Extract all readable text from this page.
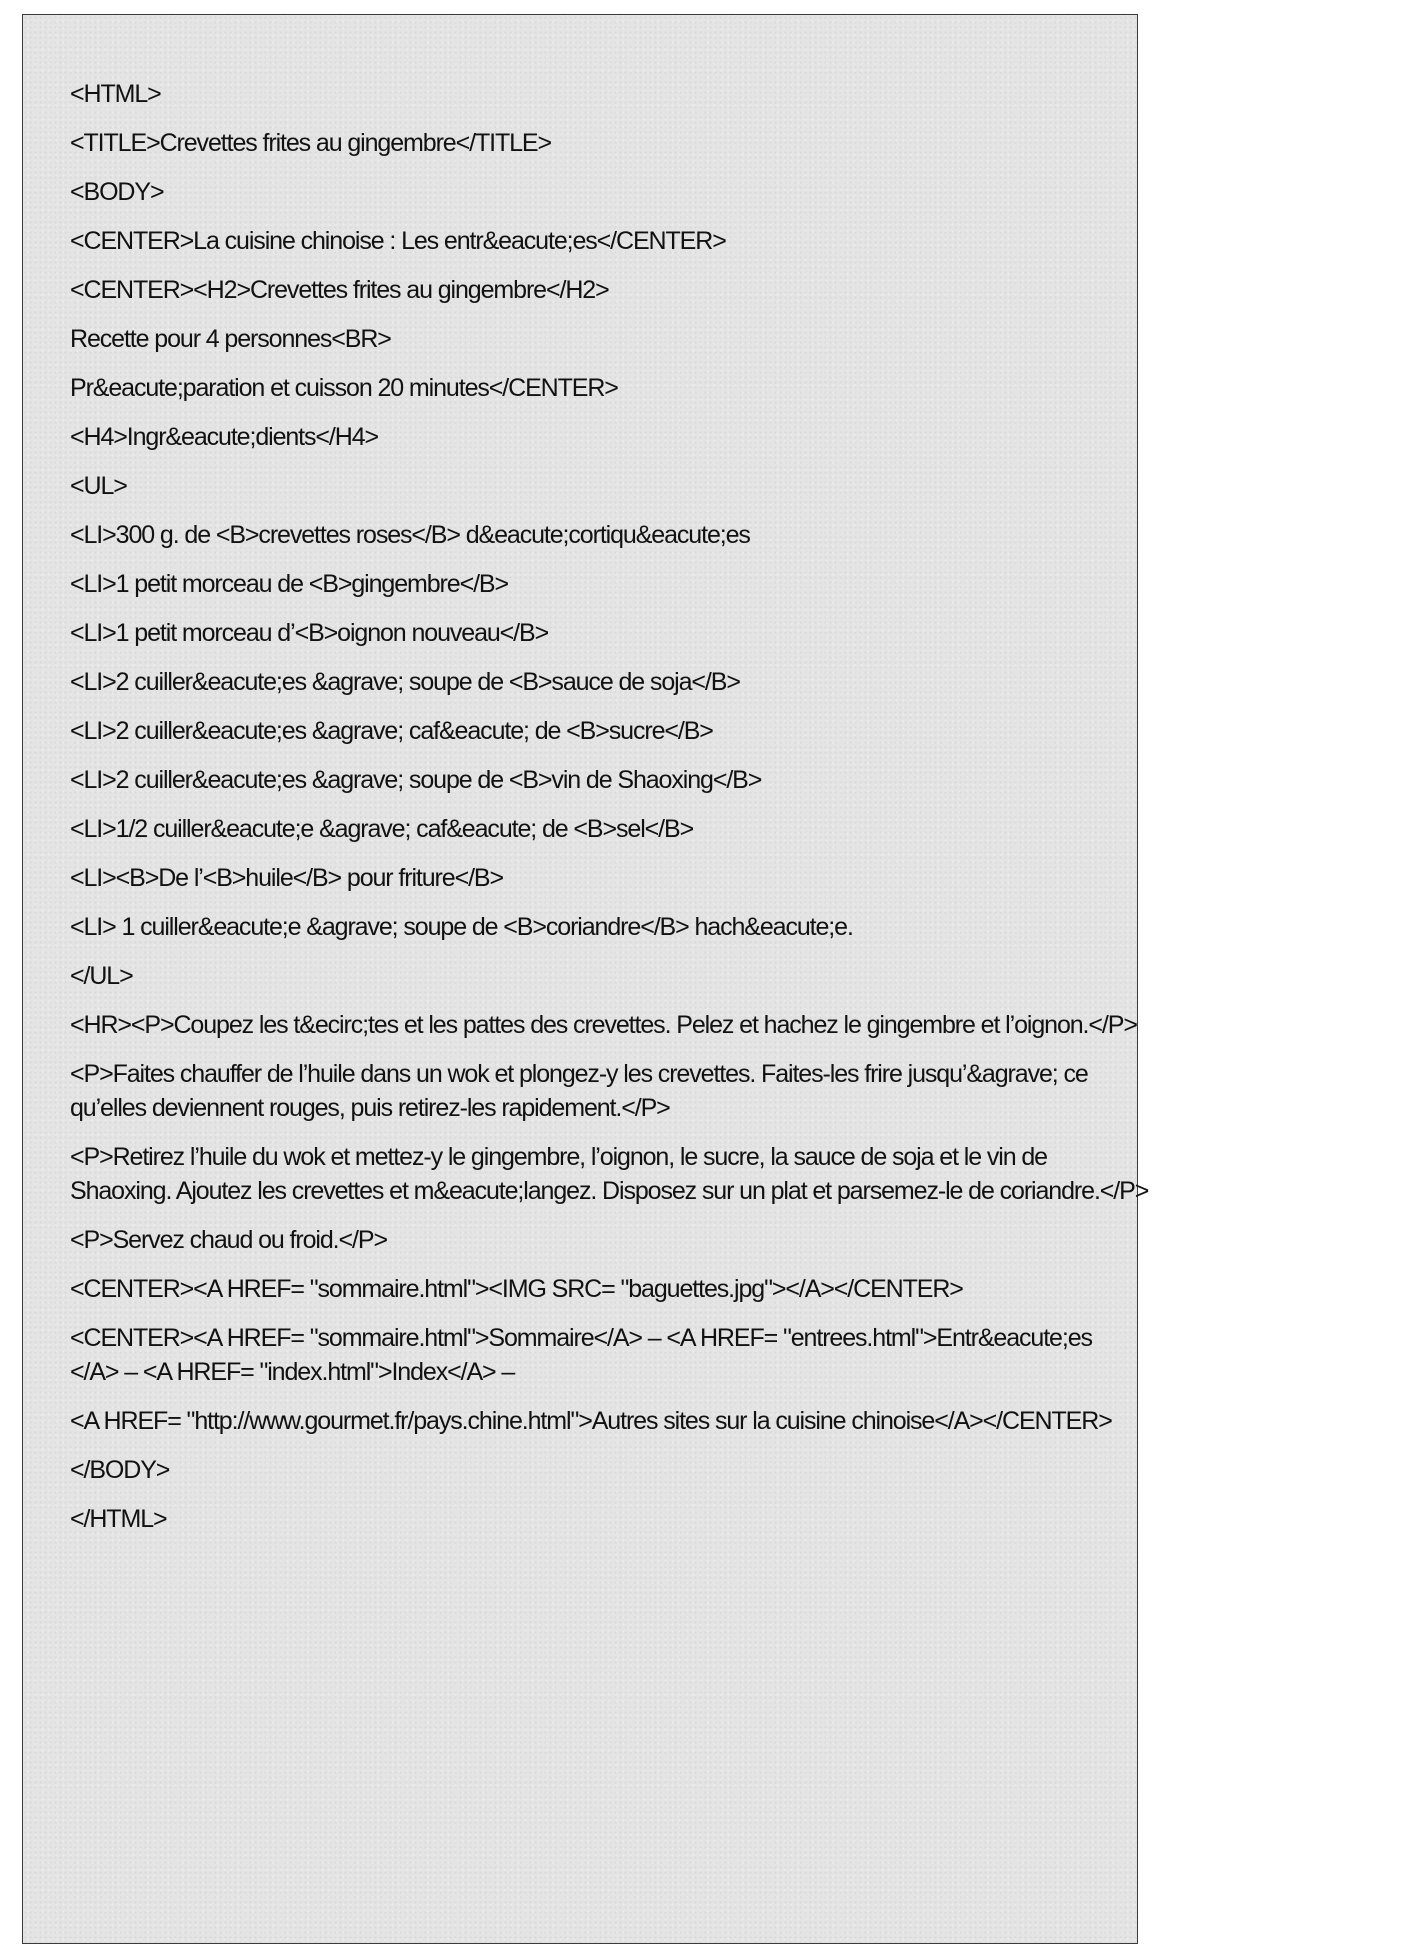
<HTML>
<TITLE>Crevettes frites au gingembre</TITLE>
<BODY>
<CENTER>La cuisine chinoise : Les entr&eacute;es</CENTER>
<CENTER><H2>Crevettes frites au gingembre</H2>
Recette pour 4 personnes<BR>
Pr&eacute;paration et cuisson 20 minutes</CENTER>
<H4>Ingr&eacute;dients</H4>
<UL>
<LI>300 g. de <B>crevettes roses</B> d&eacute;cortiqu&eacute;es
<LI>1 petit morceau de <B>gingembre</B>
<LI>1 petit morceau d’<B>oignon nouveau</B>
<LI>2 cuiller&eacute;es &agrave; soupe de <B>sauce de soja</B>
<LI>2 cuiller&eacute;es &agrave; caf&eacute; de <B>sucre</B>
<LI>2 cuiller&eacute;es &agrave; soupe de <B>vin de Shaoxing</B>
<LI>1/2 cuiller&eacute;e &agrave; caf&eacute; de <B>sel</B>
<LI><B>De l’<B>huile</B> pour friture</B>
<LI> 1 cuiller&eacute;e &agrave; soupe de <B>coriandre</B> hach&eacute;e.
</UL>
<HR><P>Coupez les t&ecirc;tes et les pattes des crevettes. Pelez et hachez le gingembre et l’oignon.</P>
<P>Faites chauffer de l’huile dans un wok et plongez-y les crevettes. Faites-les frire jusqu’&agrave; ce
qu’elles deviennent rouges, puis retirez-les rapidement.</P>
<P>Retirez l’huile du wok et mettez-y le gingembre, l’oignon, le sucre, la sauce de soja et le vin de
Shaoxing. Ajoutez les crevettes et m&eacute;langez. Disposez sur un plat et parsemez-le de coriandre.</P>
<P>Servez chaud ou froid.</P>
<CENTER><A HREF= "sommaire.html"><IMG SRC= "baguettes.jpg"></A></CENTER>
<CENTER><A HREF= "sommaire.html">Sommaire</A> – <A HREF= "entrees.html">Entr&eacute;es
</A> – <A HREF= "index.html">Index</A> –
<A HREF= "http://www.gourmet.fr/pays.chine.html">Autres sites sur la cuisine chinoise</A></CENTER>
</BODY>
</HTML>
